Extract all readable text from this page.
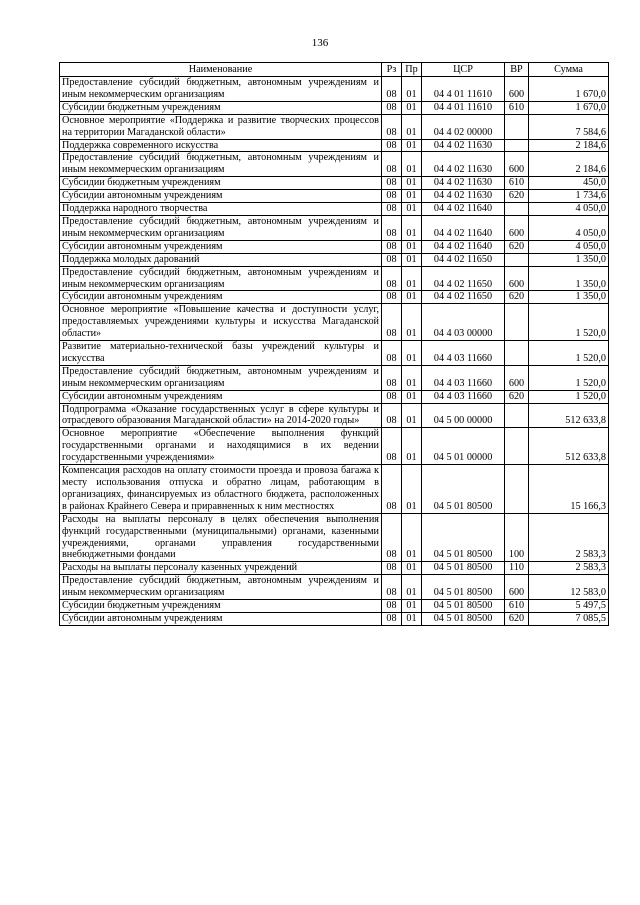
136
Наименование	Рз	Пр	ЦСР	ВР	Сумма
Предоставление субсидий бюджетным, автономным учреждениям и иным некоммерческим организациям	08	01	04 4 01 11610	600	1 670,0
Субсидии бюджетным учреждениям	08	01	04 4 01 11610	610	1 670,0
Основное мероприятие «Поддержка и развитие творческих процессов на территории Магаданской области»	08	01	04 4 02 00000		7 584,6
Поддержка современного искусства	08	01	04 4 02 11630		2 184,6
Предоставление субсидий бюджетным, автономным учреждениям и иным некоммерческим организациям	08	01	04 4 02 11630	600	2 184,6
Субсидии бюджетным учреждениям	08	01	04 4 02 11630	610	450,0
Субсидии автономным учреждениям	08	01	04 4 02 11630	620	1 734,6
Поддержка народного творчества	08	01	04 4 02 11640		4 050,0
Предоставление субсидий бюджетным, автономным учреждениям и иным некоммерческим организациям	08	01	04 4 02 11640	600	4 050,0
Субсидии автономным учреждениям	08	01	04 4 02 11640	620	4 050,0
Поддержка молодых дарований	08	01	04 4 02 11650		1 350,0
Предоставление субсидий бюджетным, автономным учреждениям и иным некоммерческим организациям	08	01	04 4 02 11650	600	1 350,0
Субсидии автономным учреждениям	08	01	04 4 02 11650	620	1 350,0
Основное мероприятие «Повышение качества и доступности услуг, предоставляемых учреждениями культуры и искусства Магаданской области»	08	01	04 4 03 00000		1 520,0
Развитие материально-технической базы учреждений культуры и искусства	08	01	04 4 03 11660		1 520,0
Предоставление субсидий бюджетным, автономным учреждениям и иным некоммерческим организациям	08	01	04 4 03 11660	600	1 520,0
Субсидии автономным учреждениям	08	01	04 4 03 11660	620	1 520,0
Подпрограмма «Оказание государственных услуг в сфере культуры и отрасдевого образования Магаданской области» на 2014-2020 годы»	08	01	04 5 00 00000		512 633,8
Основное мероприятие «Обеспечение выполнения функций государственными органами и находящимися в их ведении государственными учреждениями»	08	01	04 5 01 00000		512 633,8
Компенсация расходов на оплату стоимости проезда и провоза багажа к месту использования отпуска и обратно лицам, работающим в организациях, финансируемых из областного бюджета, расположенных в районах Крайнего Севера и приравненных к ним местностях	08	01	04 5 01 80500		15 166,3
Расходы на выплаты персоналу в целях обеспечения выполнения функций государственными (муниципальными) органами, казенными учреждениями, органами управления государственными внебюджетными фондами	08	01	04 5 01 80500	100	2 583,3
Расходы на выплаты персоналу казенных учреждений	08	01	04 5 01 80500	110	2 583,3
Предоставление субсидий бюджетным, автономным учреждениям и иным некоммерческим организациям	08	01	04 5 01 80500	600	12 583,0
Субсидии бюджетным учреждениям	08	01	04 5 01 80500	610	5 497,5
Субсидии автономным учреждениям	08	01	04 5 01 80500	620	7 085,5
